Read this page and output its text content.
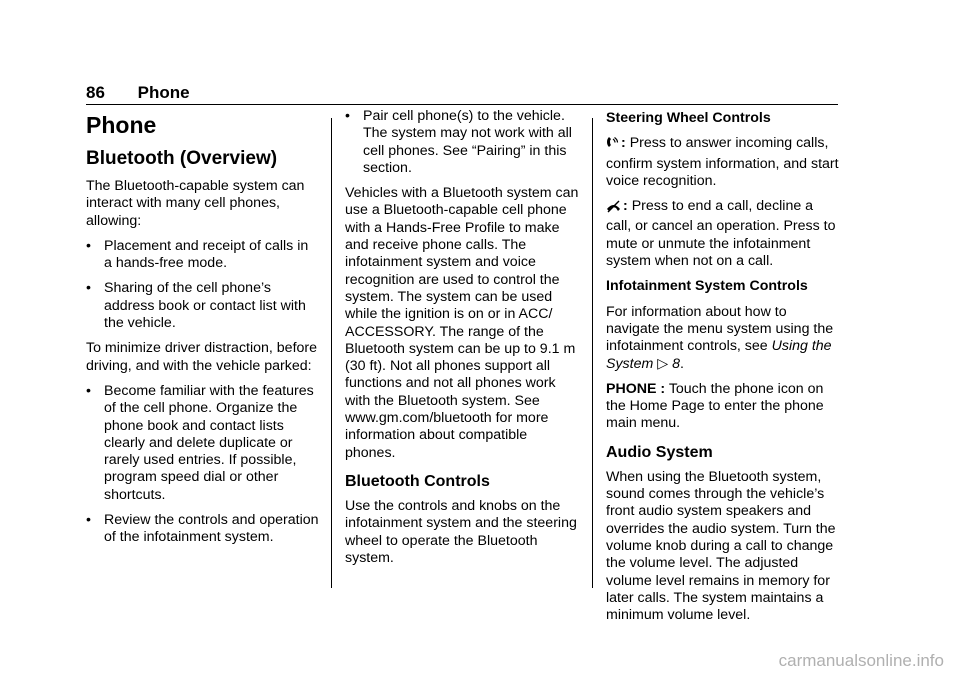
86 Phone
Phone
Bluetooth (Overview)

The Bluetooth-capable system can interact with many cell phones, allowing:

• Placement and receipt of calls in a hands-free mode.
• Sharing of the cell phone’s address book or contact list with the vehicle.

To minimize driver distraction, before driving, and with the vehicle parked:

• Become familiar with the features of the cell phone. Organize the phone book and contact lists clearly and delete duplicate or rarely used entries. If possible, program speed dial or other shortcuts.
• Review the controls and operation of the infotainment system.
• Pair cell phone(s) to the vehicle. The system may not work with all cell phones. See “Pairing” in this section.

Vehicles with a Bluetooth system can use a Bluetooth-capable cell phone with a Hands-Free Profile to make and receive phone calls. The infotainment system and voice recognition are used to control the system. The system can be used while the ignition is on or in ACC/ ACCESSORY. The range of the Bluetooth system can be up to 9.1 m (30 ft). Not all phones support all functions and not all phones work with the Bluetooth system. See www.gm.com/bluetooth for more information about compatible phones.

Bluetooth Controls

Use the controls and knobs on the infotainment system and the steering wheel to operate the Bluetooth system.

Steering Wheel Controls

: Press to answer incoming calls, confirm system information, and start voice recognition.

: Press to end a call, decline a call, or cancel an operation. Press to mute or unmute the infotainment system when not on a call.

Infotainment System Controls

For information about how to navigate the menu system using the infotainment controls, see Using the System ▷ 8.

PHONE : Touch the phone icon on the Home Page to enter the phone main menu.

Audio System

When using the Bluetooth system, sound comes through the vehicle’s front audio system speakers and overrides the audio system. Turn the volume knob during a call to change the volume level. The adjusted volume level remains in memory for later calls. The system maintains a minimum volume level.

carmanualsonline.info
